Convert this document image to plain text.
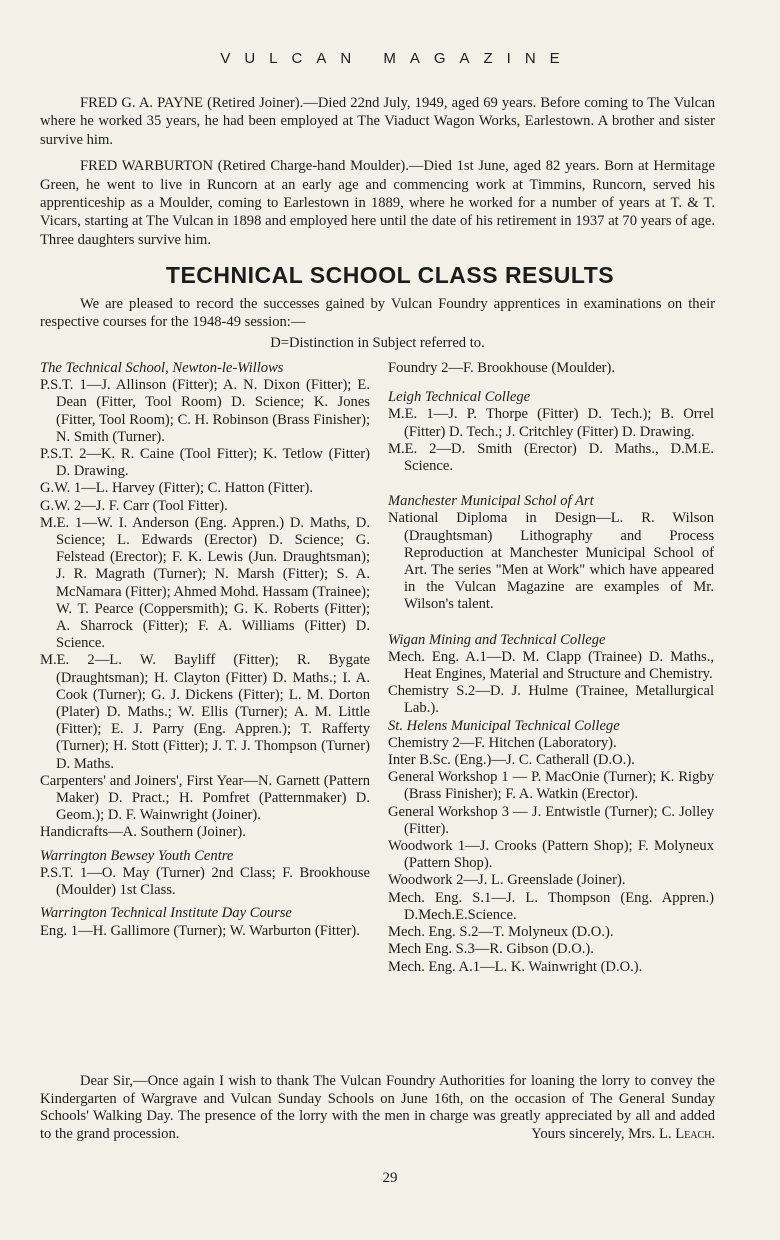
VULCAN MAGAZINE

FRED G. A. PAYNE (Retired Joiner).—Died 22nd July, 1949, aged 69 years. Before coming to The Vulcan where he worked 35 years, he had been employed at The Viaduct Wagon Works, Earlestown. A brother and sister survive him.

FRED WARBURTON (Retired Charge-hand Moulder).—Died 1st June, aged 82 years. Born at Hermitage Green, he went to live in Runcorn at an early age and commencing work at Timmins, Runcorn, served his apprenticeship as a Moulder, coming to Earlestown in 1889, where he worked for a number of years at T. & T. Vicars, starting at The Vulcan in 1898 and employed here until the date of his retirement in 1937 at 70 years of age. Three daughters survive him.

TECHNICAL SCHOOL CLASS RESULTS

We are pleased to record the successes gained by Vulcan Foundry apprentices in examinations on their respective courses for the 1948-49 session:—

D=Distinction in Subject referred to.

The Technical School, Newton-le-Willows

P.S.T. 1—J. Allinson (Fitter); A. N. Dixon (Fitter); E. Dean (Fitter, Tool Room) D. Science; K. Jones (Fitter, Tool Room); C. H. Robinson (Brass Finisher); N. Smith (Turner).

P.S.T. 2—K. R. Caine (Tool Fitter); K. Tetlow (Fitter) D. Drawing.

G.W. 1—L. Harvey (Fitter); C. Hatton (Fitter).

G.W. 2—J. F. Carr (Tool Fitter).

M.E. 1—W. I. Anderson (Eng. Appren.) D. Maths, D. Science; L. Edwards (Erector) D. Science; G. Felstead (Erector); F. K. Lewis (Jun. Draughtsman); J. R. Magrath (Turner); N. Marsh (Fitter); S. A. McNamara (Fitter); Ahmed Mohd. Hassam (Trainee); W. T. Pearce (Coppersmith); G. K. Roberts (Fitter); A. Sharrock (Fitter); F. A. Williams (Fitter) D. Science.

M.E. 2—L. W. Bayliff (Fitter); R. Bygate (Draughtsman); H. Clayton (Fitter) D. Maths.; I. A. Cook (Turner); G. J. Dickens (Fitter); L. M. Dorton (Plater) D. Maths.; W. Ellis (Turner); A. M. Little (Fitter); E. J. Parry (Eng. Appren.); T. Rafferty (Turner); H. Stott (Fitter); J. T. J. Thompson (Turner) D. Maths.

Carpenters' and Joiners', First Year—N. Garnett (Pattern Maker) D. Pract.; H. Pomfret (Patternmaker) D. Geom.); D. F. Wainwright (Joiner).

Handicrafts—A. Southern (Joiner).

Warrington Bewsey Youth Centre

P.S.T. 1—O. May (Turner) 2nd Class; F. Brookhouse (Moulder) 1st Class.

Warrington Technical Institute Day Course

Eng. 1—H. Gallimore (Turner); W. Warburton (Fitter).

Foundry 2—F. Brookhouse (Moulder).

Leigh Technical College

M.E. 1—J. P. Thorpe (Fitter) D. Tech.); B. Orrel (Fitter) D. Tech.; J. Critchley (Fitter) D. Drawing.

M.E. 2—D. Smith (Erector) D. Maths., D.M.E. Science.

Manchester Municipal Schol of Art

National Diploma in Design—L. R. Wilson (Draughtsman) Lithography and Process Reproduction at Manchester Municipal School of Art. The series "Men at Work" which have appeared in the Vulcan Magazine are examples of Mr. Wilson's talent.

Wigan Mining and Technical College

Mech. Eng. A.1—D. M. Clapp (Trainee) D. Maths., Heat Engines, Material and Structure and Chemistry.

Chemistry S.2—D. J. Hulme (Trainee, Metallurgical Lab.).

St. Helens Municipal Technical College

Chemistry 2—F. Hitchen (Laboratory).

Inter B.Sc. (Eng.)—J. C. Catherall (D.O.).

General Workshop 1 — P. MacOnie (Turner); K. Rigby (Brass Finisher); F. A. Watkin (Erector).

General Workshop 3 — J. Entwistle (Turner); C. Jolley (Fitter).

Woodwork 1—J. Crooks (Pattern Shop); F. Molyneux (Pattern Shop).

Woodwork 2—J. L. Greenslade (Joiner).

Mech. Eng. S.1—J. L. Thompson (Eng. Appren.) D.Mech.E.Science.

Mech. Eng. S.2—T. Molyneux (D.O.).

Mech Eng. S.3—R. Gibson (D.O.).

Mech. Eng. A.1—L. K. Wainwright (D.O.).

Dear Sir,—Once again I wish to thank The Vulcan Foundry Authorities for loaning the lorry to convey the Kindergarten of Wargrave and Vulcan Sunday Schools on June 16th, on the occasion of The General Sunday Schools' Walking Day. The presence of the lorry with the men in charge was greatly appreciated by all and added to the grand procession.	Yours sincerely, Mrs. L. Leach.
29
